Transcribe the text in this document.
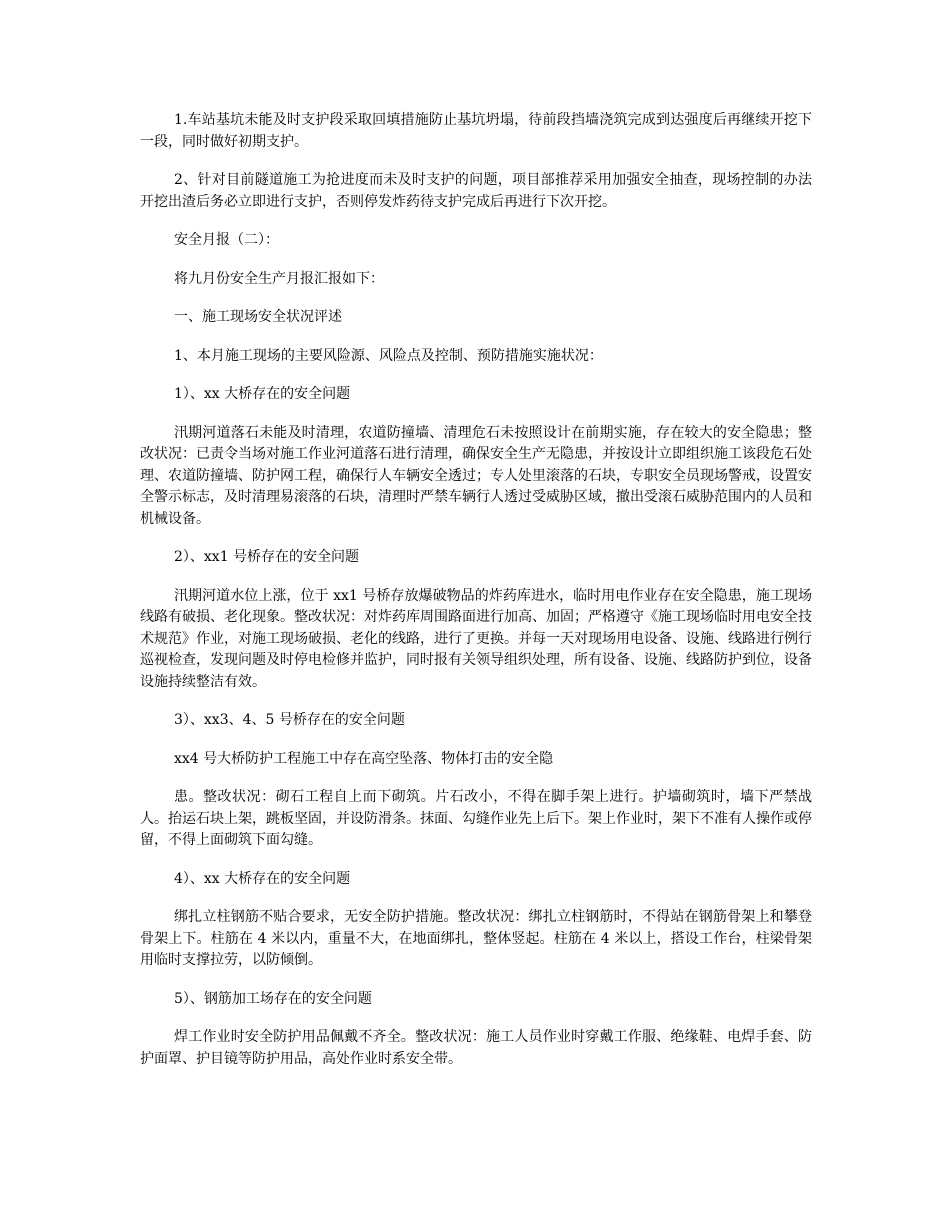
1.车站基坑未能及时支护段采取回填措施防止基坑坍塌，待前段挡墙浇筑完成到达强度后再继续开挖下一段，同时做好初期支护。

2、针对目前隧道施工为抢进度而未及时支护的问题，项目部推荐采用加强安全抽查，现场控制的办法开挖出渣后务必立即进行支护，否则停发炸药待支护完成后再进行下次开挖。

安全月报（二）：

将九月份安全生产月报汇报如下：

一、施工现场安全状况评述

1、本月施工现场的主要风险源、风险点及控制、预防措施实施状况：

1）、xx 大桥存在的安全问题

汛期河道落石未能及时清理，农道防撞墙、清理危石未按照设计在前期实施，存在较大的安全隐患；整改状况：已责令当场对施工作业河道落石进行清理，确保安全生产无隐患，并按设计立即组织施工该段危石处理、农道防撞墙、防护网工程，确保行人车辆安全透过；专人处里滚落的石块，专职安全员现场警戒，设置安全警示标志，及时清理易滚落的石块，清理时严禁车辆行人透过受威胁区域，撤出受滚石威胁范围内的人员和机械设备。

2）、xx1 号桥存在的安全问题

汛期河道水位上涨，位于 xx1 号桥存放爆破物品的炸药库进水，临时用电作业存在安全隐患，施工现场线路有破损、老化现象。整改状况：对炸药库周围路面进行加高、加固；严格遵守《施工现场临时用电安全技术规范》作业，对施工现场破损、老化的线路，进行了更换。并每一天对现场用电设备、设施、线路进行例行巡视检查，发现问题及时停电检修并监护，同时报有关领导组织处理，所有设备、设施、线路防护到位，设备设施持续整洁有效。

3）、xx3、4、5 号桥存在的安全问题

xx4 号大桥防护工程施工中存在高空坠落、物体打击的安全隐

患。整改状况：砌石工程自上而下砌筑。片石改小，不得在脚手架上进行。护墙砌筑时，墙下严禁战人。抬运石块上架，跳板坚固，并设防滑条。抹面、勾缝作业先上后下。架上作业时，架下不准有人操作或停留，不得上面砌筑下面勾缝。

4）、xx 大桥存在的安全问题

绑扎立柱钢筋不贴合要求，无安全防护措施。整改状况：绑扎立柱钢筋时，不得站在钢筋骨架上和攀登骨架上下。柱筋在 4 米以内，重量不大，在地面绑扎，整体竖起。柱筋在 4 米以上，搭设工作台，柱梁骨架用临时支撑拉劳，以防倾倒。

5）、钢筋加工场存在的安全问题

焊工作业时安全防护用品佩戴不齐全。整改状况：施工人员作业时穿戴工作服、绝缘鞋、电焊手套、防护面罩、护目镜等防护用品，高处作业时系安全带。
